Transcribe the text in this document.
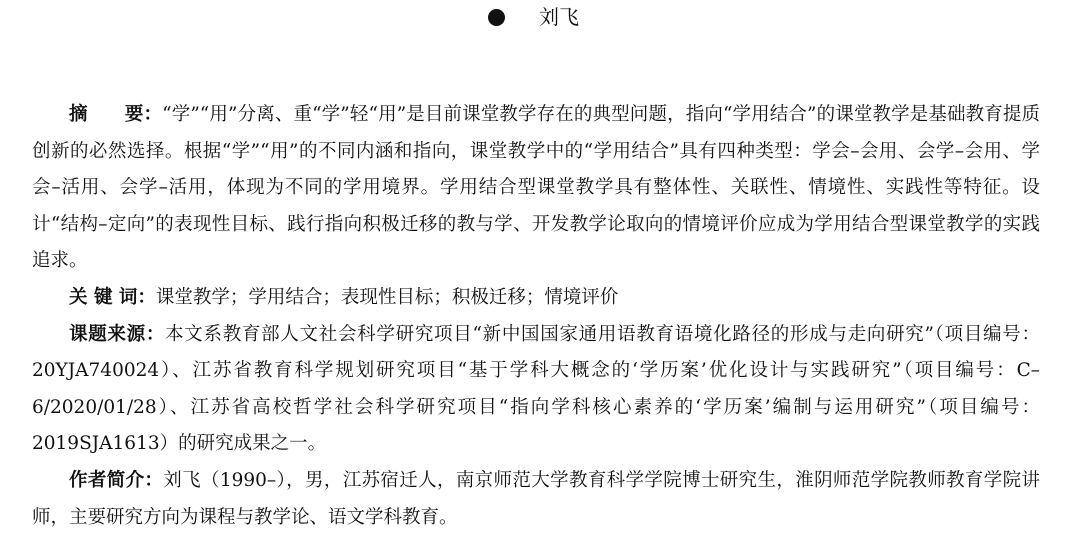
刘飞

摘　　要：“学”“用”分离、重“学”轻“用”是目前课堂教学存在的典型问题，指向“学用结合”的课堂教学是基础教育提质创新的必然选择。根据“学”“用”的不同内涵和指向，课堂教学中的“学用结合”具有四种类型：学会–会用、会学–会用、学会–活用、会学–活用，体现为不同的学用境界。学用结合型课堂教学具有整体性、关联性、情境性、实践性等特征。设计“结构–定向”的表现性目标、践行指向积极迁移的教与学、开发教学论取向的情境评价应成为学用结合型课堂教学的实践追求。

关 键 词：课堂教学；学用结合；表现性目标；积极迁移；情境评价

课题来源：本文系教育部人文社会科学研究项目“新中国国家通用语教育语境化路径的形成与走向研究”（项目编号：20YJA740024）、江苏省教育科学规划研究项目“基于学科大概念的‘学历案’优化设计与实践研究”（项目编号：C–6/2020/01/28）、江苏省高校哲学社会科学研究项目“指向学科核心素养的‘学历案’编制与运用研究”（项目编号：2019SJA1613）的研究成果之一。

作者简介：刘飞（1990–），男，江苏宿迁人，南京师范大学教育科学学院博士研究生，淮阴师范学院教师教育学院讲师，主要研究方向为课程与教学论、语文学科教育。
